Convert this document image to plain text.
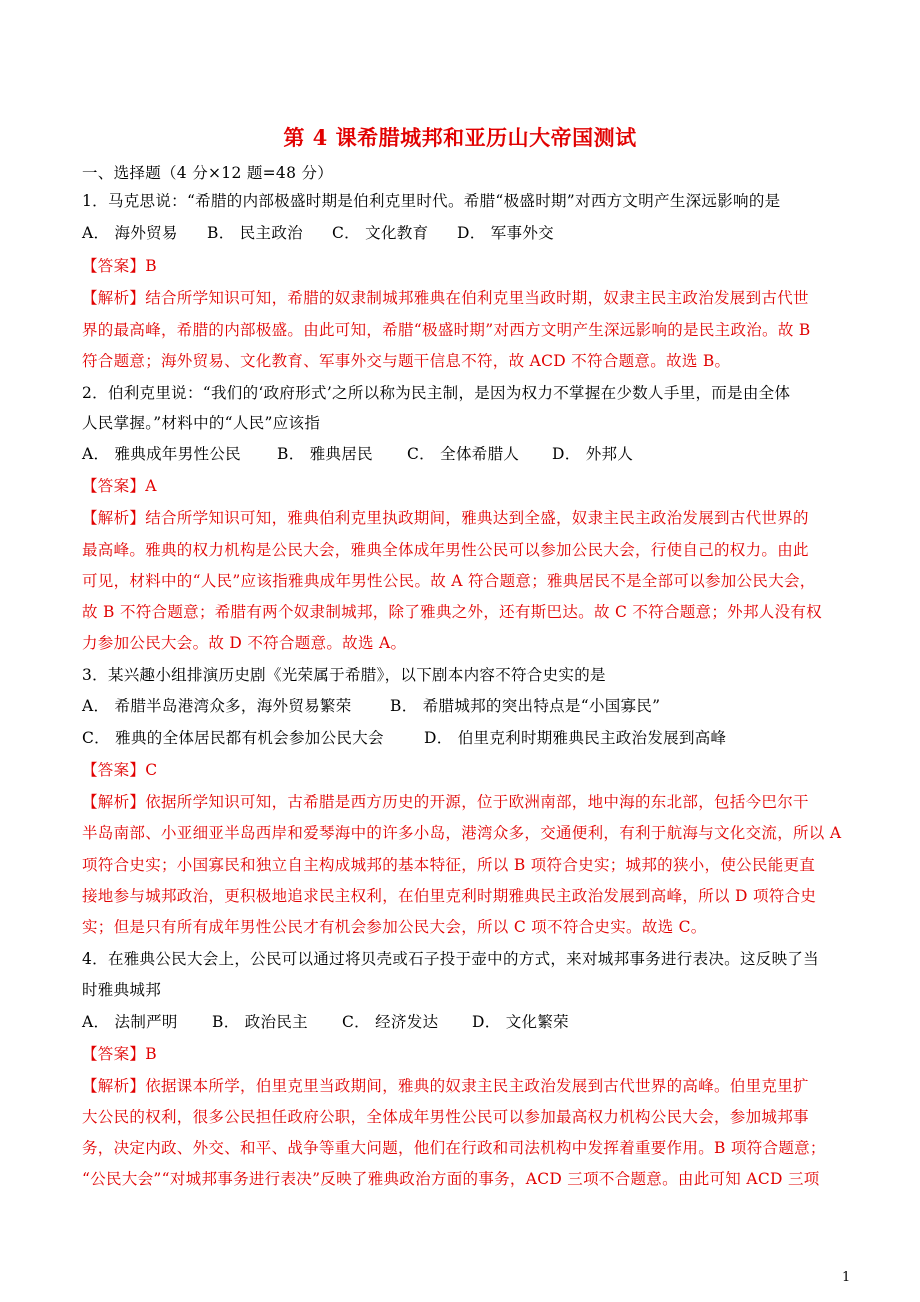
第 4 课希腊城邦和亚历山大帝国测试
一、选择题（4 分×12 题=48 分）
1．马克思说：“希腊的内部极盛时期是伯利克里时代。希腊“极盛时期”对西方文明产生深远影响的是
A． 海外贸易 B． 民主政治 C． 文化教育 D． 军事外交
【答案】B
【解析】结合所学知识可知，希腊的奴隶制城邦雅典在伯利克里当政时期，奴隶主民主政治发展到古代世
界的最高峰，希腊的内部极盛。由此可知，希腊“极盛时期”对西方文明产生深远影响的是民主政治。故 B
符合题意；海外贸易、文化教育、军事外交与题干信息不符，故 ACD 不符合题意。故选 B。
2．伯利克里说：“我们的‘政府形式’之所以称为民主制，是因为权力不掌握在少数人手里，而是由全体
人民掌握。”材料中的“人民”应该指
A． 雅典成年男性公民 B． 雅典居民 C． 全体希腊人 D． 外邦人
【答案】A
【解析】结合所学知识可知，雅典伯利克里执政期间，雅典达到全盛，奴隶主民主政治发展到古代世界的
最高峰。雅典的权力机构是公民大会，雅典全体成年男性公民可以参加公民大会，行使自己的权力。由此
可见，材料中的“人民”应该指雅典成年男性公民。故 A 符合题意；雅典居民不是全部可以参加公民大会，
故 B 不符合题意；希腊有两个奴隶制城邦，除了雅典之外，还有斯巴达。故 C 不符合题意；外邦人没有权
力参加公民大会。故 D 不符合题意。故选 A。
3．某兴趣小组排演历史剧《光荣属于希腊》，以下剧本内容不符合史实的是
A． 希腊半岛港湾众多，海外贸易繁荣 B． 希腊城邦的突出特点是“小国寡民”
C． 雅典的全体居民都有机会参加公民大会	D． 伯里克利时期雅典民主政治发展到高峰
【答案】C
【解析】依据所学知识可知，古希腊是西方历史的开源，位于欧洲南部，地中海的东北部，包括今巴尔干
半岛南部、小亚细亚半岛西岸和爱琴海中的许多小岛，港湾众多，交通便利，有利于航海与文化交流，所以 A
项符合史实；小国寡民和独立自主构成城邦的基本特征，所以 B 项符合史实；城邦的狭小，使公民能更直
接地参与城邦政治，更积极地追求民主权利，在伯里克利时期雅典民主政治发展到高峰，所以 D 项符合史
实；但是只有所有成年男性公民才有机会参加公民大会，所以 C 项不符合史实。故选 C。
4．在雅典公民大会上，公民可以通过将贝壳或石子投于壶中的方式，来对城邦事务进行表决。这反映了当
时雅典城邦
A． 法制严明 B． 政治民主 C． 经济发达 D． 文化繁荣
【答案】B
【解析】依据课本所学，伯里克里当政期间，雅典的奴隶主民主政治发展到古代世界的高峰。伯里克里扩
大公民的权利，很多公民担任政府公职，全体成年男性公民可以参加最高权力机构公民大会，参加城邦事
务，决定内政、外交、和平、战争等重大问题，他们在行政和司法机构中发挥着重要作用。B 项符合题意；
“公民大会”“对城邦事务进行表决”反映了雅典政治方面的事务，ACD 三项不合题意。由此可知 ACD 三项
1
